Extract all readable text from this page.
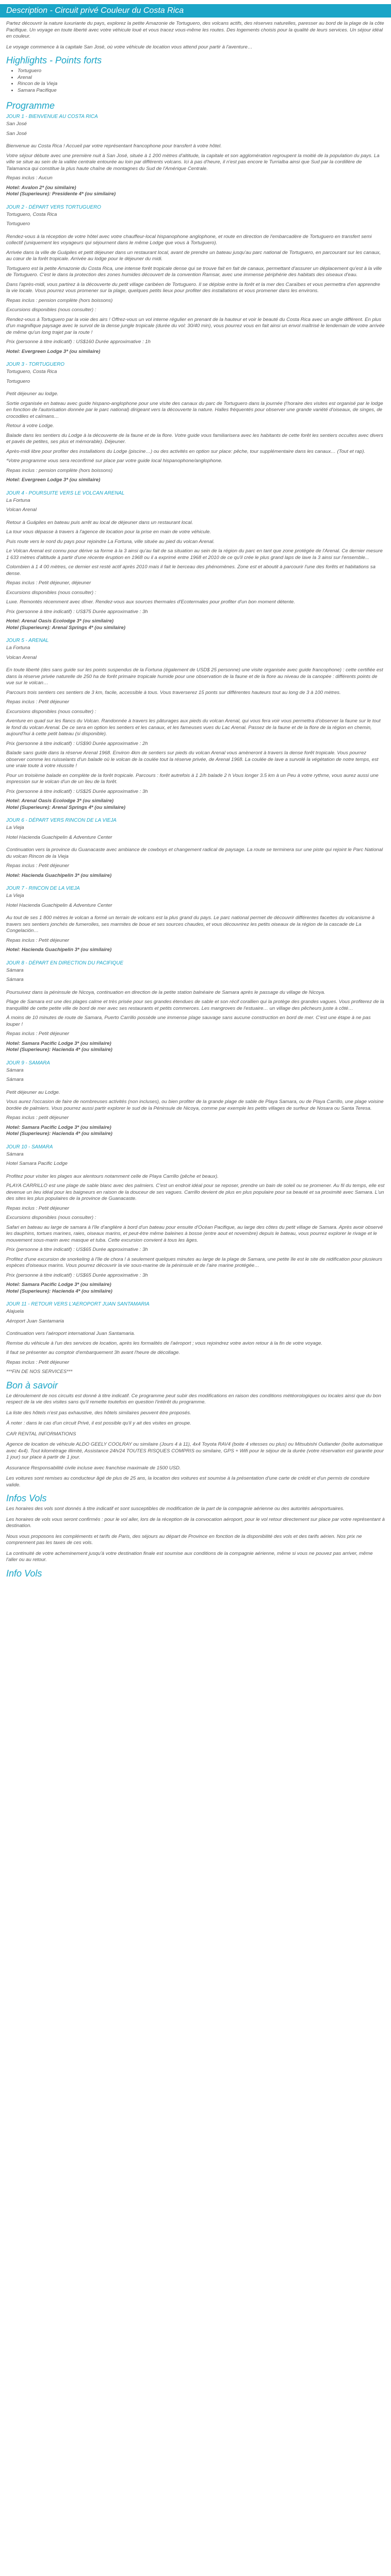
Description - Circuit privé Couleur du Costa Rica

Partez découvrir la nature luxuriante du pays, explorez la petite Amazonie de Tortuguero, des volcans actifs, des réserves naturelles, paresser au bord de la plage de la côte Pacifique. Un voyage en toute liberté avec votre véhicule loué et vous tracez vous-même les routes. Des logements choisis pour la qualité de leurs services. Un séjour idéal en couleur.

Le voyage commence à la capitale San José, où votre véhicule de location vous attend pour partir à l'aventure…

Highlights - Points forts
• Tortuguero
• Arenal
• Rincon de la Vieja
• Samara Pacifique
Programme
JOUR 1 - BIENVENUE AU COSTA RICA

San José

San José

Bienvenue au Costa Rica ! Accueil par votre représentant francophone pour transfert à votre hôtel.

Votre séjour débute avec une première nuit à San José, située à 1 200 mètres d'altitude, la capitale et son agglomération regroupent la moitié de la population du pays. La ville se situe au sein de la vallée centrale entourée au loin par différents volcans. Ici à pas d'heure, il n'est pas encore le Turrialba ainsi que Sud par la cordillère de Talamanca qui constitue la plus haute chaîne de montagnes du Sud de l'Amérique Centrale.

Repas inclus : Aucun

Hotel: Avalon 2* (ou similaire)

Hotel (Superieure): Presidente 4* (ou similaire)

JOUR 2 - DÉPART VERS TORTUGUERO

Tortuguero, Costa Rica

Tortuguero

Rendez-vous à la réception de votre hôtel avec votre chauffeur-local hispanophone anglophone, et route en direction de l'embarcadère de Tortuguero en transfert semi collectif (uniquement les voyageurs qui séjournent dans le même Lodge que vous à Tortuguero).

Arrivée dans la ville de Guápiles et petit déjeuner dans un restaurant local, avant de prendre un bateau jusqu'au parc national de Tortuguero, en parcourant sur les canaux, au cœur de la forêt tropicale. Arrivée au lodge pour le déjeuner du midi.

Tortuguero est la petite Amazonie du Costa Rica, une intense forêt tropicale dense qui se trouve fait en fait de canaux, permettant d'assurer un déplacement qu'est à la ville de Tortuguero. C'est le dans la protection des zones humides découvert de la convention Ramsar, avec une immense périphérie des habitats des oiseaux d'eau.

Dans l'après-midi, vous partirez à la découverte du petit village caribéen de Tortuguero. Il se déploie entre la forêt et la mer des Caraïbes et vous permettra d'en apprendre la vie locale. Vous pourrez vous promener sur la plage, quelques petits lieux pour profiter des installations et vous promener dans les environs.

Repas inclus : pension complète (hors boissons)

Excursions disponibles (nous consulter) :

Rendez-vous à Tortuguero par la voie des airs ! Offrez-vous un vol interne régulier en prenant de la hauteur et voir le beauté du Costa Rica avec un angle différent. En plus d'un magnifique paysage avec le survol de la dense jungle tropicale (durée du vol: 30/40 min), vous pourrez vous en fait ainsi un envol maîtrisé le lendemain de votre arrivée de même qu'un long trajet par la route !

Prix (personne à titre indicatif) : US$160 Durée approximative : 1h

Hotel: Evergreen Lodge 3* (ou similaire)

JOUR 3 - TORTUGUERO

Tortuguero, Costa Rica

Tortuguero

Petit déjeuner au lodge.

Sortie organisée en bateau avec guide hispano-anglophone pour une visite des canaux du parc de Tortuguero dans la journée (l'horaire des visites est organisé par le lodge en fonction de l'autorisation donnée par le parc national) dirigeant vers la découverte la nature. Halles fréquentés pour observer une grande variété d'oiseaux, de singes, de crocodiles et caïmans…

Retour à votre Lodge.

Balade dans les sentiers du Lodge à la découverte de la faune et de la flore. Votre guide vous familiarisera avec les habitants de cette forêt les sentiers occultes avec divers et pavés de petites, ses plus et mémorable). Déjeuner.

Après-midi libre pour profiter des installations du Lodge (piscine…) ou des activités en option sur place: pêche, tour supplémentaire dans les canaux… (Tout et rap).

*Votre programme vous sera reconfirmé sur place par votre guide local hispanophone/anglophone.

Repas inclus : pension complète (hors boissons)

Hotel: Evergreen Lodge 3* (ou similaire)

JOUR 4 - POURSUITE VERS LE VOLCAN ARENAL

La Fortuna

Volcan Arenal

Retour à Guápiles en bateau puis arrêt au local de déjeuner dans un restaurant local.

La tour vous dépasse à travers à l'agence de location pour la prise en main de votre véhicule.

Puis route vers le nord du pays pour rejoindre La Fortuna, ville située au pied du volcan Arenal.

Le Volcan Arenal est connu pour dérive sa forme à la 3 ainsi qu'au fait de sa situation au sein de la région du parc en tant que zone protégée de l'Arenal. Ce dernier mesure 1 633 mètres d'altitude à partir d'une récente éruption en 1968 ou il a exprimé entre 1968 et 2010 de ce qu'il crée le plus grand laps de lave la 3 ainsi sur l'ensemble...

Colombien à 1 4 00 mètres, ce dernier est resté actif après 2010 mais il fait le berceau des phénomènes. Zone est et aboutit à parcourir l'une des forêts et habitations sa dense.

Repas inclus : Petit déjeuner, déjeuner

Excursions disponibles (nous consulter) :

Luxe. Remontés récemment avec dîner. Rendez-vous aux sources thermales d'Ecotermales pour profiter d'un bon moment détente.

Prix (personne à titre indicatif) : US$75 Durée approximative : 3h

Hotel: Arenal Oasis Ecolodge 3* (ou similaire)

Hotel (Superieure): Arenal Springs 4* (ou similaire)

JOUR 5 - ARENAL

La Fortuna

Volcan Arenal

En toute liberté (des sans guide sur les points suspendus de la Fortuna (également de USD$ 25 personne) une visite organisée avec guide francophone) : cette certifiée est dans la réserve privée naturelle de 250 ha de forêt primaire tropicale humide pour une observation de la faune et de la flore au niveau de la canopée : différents points de vue sur le volcan…

Parcours trois sentiers ces sentiers de 3 km, facile, accessible à tous. Vous traverserez 15 ponts sur différentes hauteurs tout au long de 3 à 100 mètres.

Repas inclus : Petit déjeuner

Excursions disponibles (nous consulter) :

Aventure en quad sur les flancs du Volcan. Randonnée à travers les pâturages aux pieds du volcan Arenal, qui vous fera voir vous permettra d'observer la faune sur le tout le fond du volcan Arenal. De ce sera en option les sentiers et les canaux, et les fameuses vues du Lac Arenal. Passez de la faune et de la flore de la région en chemin, aujourd'hui à cette petit bateau (si disponible).

Prix (personne à titre indicatif) : US$90 Durée approximative : 2h

Balade sans guide dans la réserve Arenal 1968. Environ 4km de sentiers sur pieds du volcan Arenal vous amèneront à travers la dense forêt tropicale. Vous pourrez observer comme les ruisselants d'un balade où le volcan de la coulée tout la réserve privée, de Arenal 1968. La coulée de lave a survolé la végétation de notre temps, est une vraie toute à votre réussite !

Pour un troisième balade en complète de la forêt tropicale. Parcours : forêt autrefois à 1 2/h balade 2 h Vous longer 3.5 km à un Peu à votre rythme, vous aurez aussi une impression sur le volcan d'un de un lieu de la forêt.

Prix (personne à titre indicatif) : US$25 Durée approximative : 3h

Hotel: Arenal Oasis Ecolodge 3* (ou similaire)

Hotel (Superieure): Arenal Springs 4* (ou similaire)

JOUR 6 - DÉPART VERS RINCON DE LA VIEJA

La Vieja

Hotel Hacienda Guachipelin & Adventure Center

Continuation vers la province du Guanacaste avec ambiance de cowboys et changement radical de paysage. La route se terminera sur une piste qui rejoint le Parc National du volcan Rincon de la Vieja

Repas inclus : Petit déjeuner

Hotel: Hacienda Guachipelin 3* (ou similaire)

JOUR 7 - RINCON DE LA VIEJA

La Vieja

Hotel Hacienda Guachipelin & Adventure Center

Au tout de ses 1 800 mètres le volcan a formé un terrain de volcans est la plus grand du pays. Le parc national permet de découvrir différentes facettes du volcanisme à travers ses sentiers jonchés de fumerolles, ses marmites de boue et ses sources chaudes, et vous découvrirez les petits oiseaux de la région de la cascade de La Congelación…

Repas inclus : Petit déjeuner

Hotel: Hacienda Guachipelin 3* (ou similaire)

JOUR 8 - DÉPART EN DIRECTION DU PACIFIQUE

Sámara

Sámara

Poursuivez dans la péninsule de Nicoya, continuation en direction de la petite station balnéaire de Samara après le passage du village de Nicoya.

Plage de Samara est une des plages calme et très prisée pour ses grandes étendues de sable et son récif corallien qui la protège des grandes vagues. Vous profiterez de la tranquillité de cette petite ville de bord de mer avec ses restaurants et petits commerces. Les mangroves de l'estuaire… un village des pêcheurs juste à côté…

À moins de 10 minutes de route de Samara, Puerto Carrillo possède une immense plage sauvage sans aucune construction en bord de mer. C'est une étape à ne pas louper !

Repas inclus : Petit déjeuner

Hotel: Samara Pacific Lodge 3* (ou similaire)

Hotel (Superieure): Hacienda 4* (ou similaire)

JOUR 9 - SAMARA

Sámara

Sámara

Petit déjeuner au Lodge.

Vous aurez l'occasion de faire de nombreuses activités (non incluses), ou bien profiter de la grande plage de sable de Playa Samara, ou de Playa Carrillo, une plage voisine bordée de palmiers. Vous pourrez aussi partir explorer le sud de la Péninsule de Nicoya, comme par exemple les petits villages de surfeur de Nosara ou Santa Teresa.

Repas inclus : petit déjeuner

Hotel: Samara Pacific Lodge 3* (ou similaire)

Hotel (Superieure): Hacienda 4* (ou similaire)

JOUR 10 - SAMARA

Sámara

Hotel Samara Pacific Lodge

Profitez pour visiter les plages aux alentours notamment celle de Playa Carrillo (pêche et beaux).

PLAYA CARRILLO est une plage de sable blanc avec des palmiers. C'est un endroit idéal pour se reposer, prendre un bain de soleil ou se promener. Au fil du temps, elle est devenue un lieu idéal pour les baigneurs en raison de la douceur de ses vagues. Carrillo devient de plus en plus populaire pour sa beauté et sa proximité avec Samara. L'un des sites les plus populaires de la province de Guanacaste.

Repas inclus : Petit déjeuner

Excursions disponibles (nous consulter) :

Safari en bateau au large de samara à l'île d'anglière à bord d'un bateau pour ensuite d'Océan Pacifique, au large des côtes du petit village de Samara. Après avoir observé les dauphins, tortues marines, raies, oiseaux marins, et peut-être même baleines à bosse (entre aout et novembre) depuis le bateau, vous pourrez explorer le rivage et le mouvement sous-marin avec masque et tuba. Cette excursion convient à tous les âges.

Prix (personne à titre indicatif) : US$65 Durée approximative : 3h

Profitez d'une excursion de snorkeling à l'île de chora ! à seulement quelques minutes au large de la plage de Samara, une petite île est le site de nidification pour plusieurs espèces d'oiseaux marins. Vous pourrez découvrir la vie sous-marine de la péninsule et de l'aire marine protégée…

Prix (personne à titre indicatif) : US$65 Durée approximative : 3h

Hotel: Samara Pacific Lodge 3* (ou similaire)

Hotel (Superieure): Hacienda 4* (ou similaire)

JOUR 11 - RETOUR VERS L'AEROPORT JUAN SANTAMARIA

Alajuela

Aéroport Juan Santamaria

Continuation vers l'aéroport international Juan Santamaria.

Remise du véhicule à l'un des services de location, après les formalités de l'aéroport ; vous rejoindrez votre avion retour à la fin de votre voyage.

Il faut se présenter au comptoir d'embarquement 3h avant l'heure de décollage.

Repas inclus : Petit déjeuner

***FIN DE NOS SERVICES***

Bon à savoir

Le déroulement de nos circuits est donné à titre indicatif. Ce programme peut subir des modifications en raison des conditions météorologiques ou locales ainsi que du bon respect de la vie des visites sans qu'il remette toutefois en question l'intérêt du programme.

La liste des hôtels n'est pas exhaustive, des hôtels similaires peuvent être proposés.

À noter : dans le cas d'un circuit Privé, il est possible qu'il y ait des visites en groupe.

CAR RENTAL INFORMATIONS

Agence de location de véhicule ALDO GEELY COOLRAY ou similaire (Jours 4 à 11), 4x4 Toyota RAV4 (boite 4 vitesses ou plus) ou Mitsubishi Outlander (boîte automatique avec 4x4). Tout kilométrage illimité, Assistance 24h/24 TOUTES RISQUES COMPRIS ou similaire, GPS + Wifi pour le séjour de la durée (votre réservation est garantie pour 1 jour) sur place à partir de 1 jour.

Assurance Responsabilité civile incluse avec franchise maximale de 1500 USD.

Les voitures sont remises au conducteur âgé de plus de 25 ans, la location des voitures est soumise à la présentation d'une carte de crédit et d'un permis de conduire valide.

Infos Vols

Les horaires des vols sont donnés à titre indicatif et sont susceptibles de modification de la part de la compagnie aérienne ou des autorités aéroportuaires.

Les horaires de vols vous seront confirmés : pour le vol aller, lors de la réception de la convocation aéroport, pour le vol retour directement sur place par votre représentant à destination.

Nous vous proposons les compléments et tarifs de Paris, des séjours au départ de Province en fonction de la disponibilité des vols et des tarifs aérien. Nos prix ne comprennent pas les taxes de ces vols.

La continuité de votre acheminement jusqu'à votre destination finale est soumise aux conditions de la compagnie aérienne, même si vous ne pouvez pas arriver, même l'aller ou au retour.

Info Vols
